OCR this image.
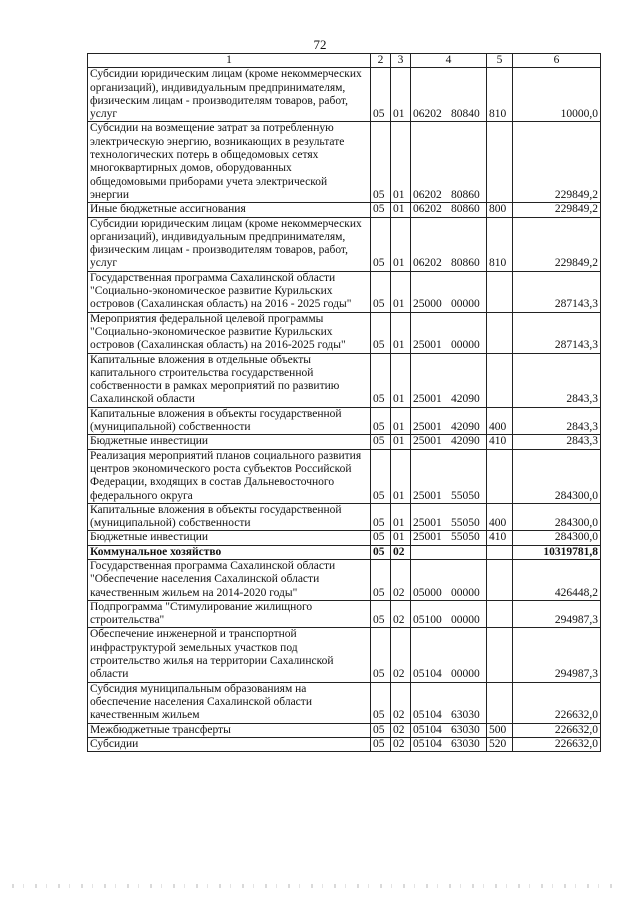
72
1	2	3	4	5	6
Субсидии юридическим лицам (кроме некоммерческих организаций), индивидуальным предпринимателям, физическим лицам - производителям товаров, работ, услуг	05	01	06202 80840	810	10000,0
Субсидии на возмещение затрат за потребленную электрическую энергию, возникающих в результате технологических потерь в общедомовых сетях многоквартирных домов, оборудованных общедомовыми приборами учета электрической энергии	05	01	06202 80860		229849,2
Иные бюджетные ассигнования	05	01	06202 80860	800	229849,2
Субсидии юридическим лицам (кроме некоммерческих организаций), индивидуальным предпринимателям, физическим лицам - производителям товаров, работ, услуг	05	01	06202 80860	810	229849,2
Государственная программа Сахалинской области "Социально-экономическое развитие Курильских островов (Сахалинская область) на 2016 - 2025 годы"	05	01	25000 00000		287143,3
Мероприятия федеральной целевой программы "Социально-экономическое развитие Курильских островов (Сахалинская область) на 2016-2025 годы"	05	01	25001 00000		287143,3
Капитальные вложения в отдельные объекты капитального строительства государственной собственности в рамках мероприятий по развитию Сахалинской области	05	01	25001 42090		2843,3
Капитальные вложения в объекты государственной (муниципальной) собственности	05	01	25001 42090	400	2843,3
Бюджетные инвестиции	05	01	25001 42090	410	2843,3
Реализация мероприятий планов социального развития центров экономического роста субъектов Российской Федерации, входящих в состав Дальневосточного федерального округа	05	01	25001 55050		284300,0
Капитальные вложения в объекты государственной (муниципальной) собственности	05	01	25001 55050	400	284300,0
Бюджетные инвестиции	05	01	25001 55050	410	284300,0
Коммунальное хозяйство	05	02			10319781,8
Государственная программа Сахалинской области "Обеспечение населения Сахалинской области качественным жильем на 2014-2020 годы"	05	02	05000 00000		426448,2
Подпрограмма "Стимулирование жилищного строительства"	05	02	05100 00000		294987,3
Обеспечение инженерной и транспортной инфраструктурой земельных участков под строительство жилья на территории Сахалинской области	05	02	05104 00000		294987,3
Субсидия муниципальным образованиям на обеспечение населения Сахалинской области качественным жильем	05	02	05104 63030		226632,0
Межбюджетные трансферты	05	02	05104 63030	500	226632,0
Субсидии	05	02	05104 63030	520	226632,0
